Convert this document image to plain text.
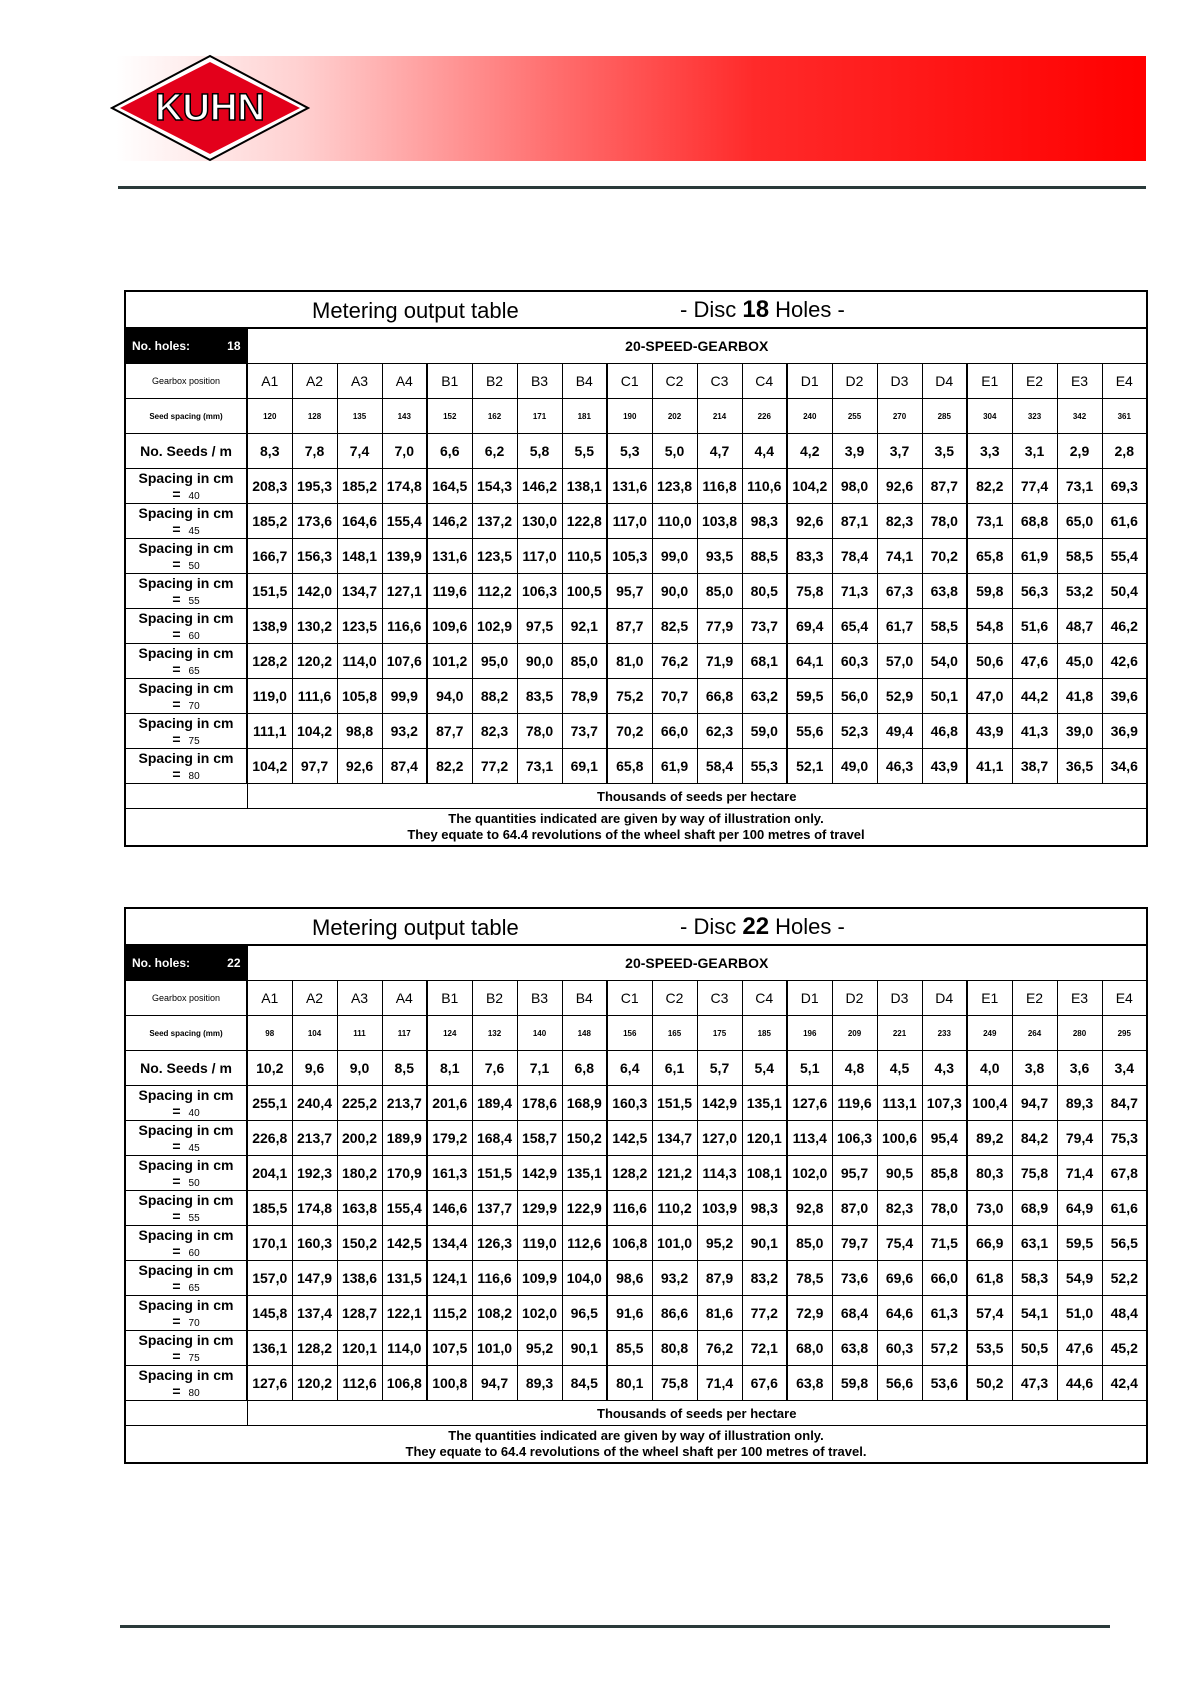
KUHN
Metering output table - Disc 18 Holes -																				

No. holes: 18	20-SPEED-GEARBOX																			
Gearbox position	A1	A2	A3	A4	B1	B2	B3	B4	C1	C2	C3	C4	D1	D2	D3	D4	E1	E2	E3	E4
Seed spacing (mm)	120	128	135	143	152	162	171	181	190	202	214	226	240	255	270	285	304	323	342	361
No. Seeds / m	8,3	7,8	7,4	7,0	6,6	6,2	5,8	5,5	5,3	5,0	4,7	4,4	4,2	3,9	3,7	3,5	3,3	3,1	2,9	2,8
Spacing in cm = 40	208,3	195,3	185,2	174,8	164,5	154,3	146,2	138,1	131,6	123,8	116,8	110,6	104,2	98,0	92,6	87,7	82,2	77,4	73,1	69,3
Spacing in cm = 45	185,2	173,6	164,6	155,4	146,2	137,2	130,0	122,8	117,0	110,0	103,8	98,3	92,6	87,1	82,3	78,0	73,1	68,8	65,0	61,6
Spacing in cm = 50	166,7	156,3	148,1	139,9	131,6	123,5	117,0	110,5	105,3	99,0	93,5	88,5	83,3	78,4	74,1	70,2	65,8	61,9	58,5	55,4
Spacing in cm = 55	151,5	142,0	134,7	127,1	119,6	112,2	106,3	100,5	95,7	90,0	85,0	80,5	75,8	71,3	67,3	63,8	59,8	56,3	53,2	50,4
Spacing in cm = 60	138,9	130,2	123,5	116,6	109,6	102,9	97,5	92,1	87,7	82,5	77,9	73,7	69,4	65,4	61,7	58,5	54,8	51,6	48,7	46,2
Spacing in cm = 65	128,2	120,2	114,0	107,6	101,2	95,0	90,0	85,0	81,0	76,2	71,9	68,1	64,1	60,3	57,0	54,0	50,6	47,6	45,0	42,6
Spacing in cm = 70	119,0	111,6	105,8	99,9	94,0	88,2	83,5	78,9	75,2	70,7	66,8	63,2	59,5	56,0	52,9	50,1	47,0	44,2	41,8	39,6
Spacing in cm = 75	111,1	104,2	98,8	93,2	87,7	82,3	78,0	73,7	70,2	66,0	62,3	59,0	55,6	52,3	49,4	46,8	43,9	41,3	39,0	36,9
Spacing in cm = 80	104,2	97,7	92,6	87,4	82,2	77,2	73,1	69,1	65,8	61,9	58,4	55,3	52,1	49,0	46,3	43,9	41,1	38,7	36,5	34,6
	Thousands of seeds per hectare																			

The quantities indicated are given by way of illustration only.
They equate to 64.4 revolutions of the wheel shaft per 100 metres of travel																				
Metering output table - Disc 22 Holes -																				

No. holes: 22	20-SPEED-GEARBOX																			
Gearbox position	A1	A2	A3	A4	B1	B2	B3	B4	C1	C2	C3	C4	D1	D2	D3	D4	E1	E2	E3	E4
Seed spacing (mm)	98	104	111	117	124	132	140	148	156	165	175	185	196	209	221	233	249	264	280	295
No. Seeds / m	10,2	9,6	9,0	8,5	8,1	7,6	7,1	6,8	6,4	6,1	5,7	5,4	5,1	4,8	4,5	4,3	4,0	3,8	3,6	3,4
Spacing in cm = 40	255,1	240,4	225,2	213,7	201,6	189,4	178,6	168,9	160,3	151,5	142,9	135,1	127,6	119,6	113,1	107,3	100,4	94,7	89,3	84,7
Spacing in cm = 45	226,8	213,7	200,2	189,9	179,2	168,4	158,7	150,2	142,5	134,7	127,0	120,1	113,4	106,3	100,6	95,4	89,2	84,2	79,4	75,3
Spacing in cm = 50	204,1	192,3	180,2	170,9	161,3	151,5	142,9	135,1	128,2	121,2	114,3	108,1	102,0	95,7	90,5	85,8	80,3	75,8	71,4	67,8
Spacing in cm = 55	185,5	174,8	163,8	155,4	146,6	137,7	129,9	122,9	116,6	110,2	103,9	98,3	92,8	87,0	82,3	78,0	73,0	68,9	64,9	61,6
Spacing in cm = 60	170,1	160,3	150,2	142,5	134,4	126,3	119,0	112,6	106,8	101,0	95,2	90,1	85,0	79,7	75,4	71,5	66,9	63,1	59,5	56,5
Spacing in cm = 65	157,0	147,9	138,6	131,5	124,1	116,6	109,9	104,0	98,6	93,2	87,9	83,2	78,5	73,6	69,6	66,0	61,8	58,3	54,9	52,2
Spacing in cm = 70	145,8	137,4	128,7	122,1	115,2	108,2	102,0	96,5	91,6	86,6	81,6	77,2	72,9	68,4	64,6	61,3	57,4	54,1	51,0	48,4
Spacing in cm = 75	136,1	128,2	120,1	114,0	107,5	101,0	95,2	90,1	85,5	80,8	76,2	72,1	68,0	63,8	60,3	57,2	53,5	50,5	47,6	45,2
Spacing in cm = 80	127,6	120,2	112,6	106,8	100,8	94,7	89,3	84,5	80,1	75,8	71,4	67,6	63,8	59,8	56,6	53,6	50,2	47,3	44,6	42,4
	Thousands of seeds per hectare																			

The quantities indicated are given by way of illustration only.
They equate to 64.4 revolutions of the wheel shaft per 100 metres of travel.																				
